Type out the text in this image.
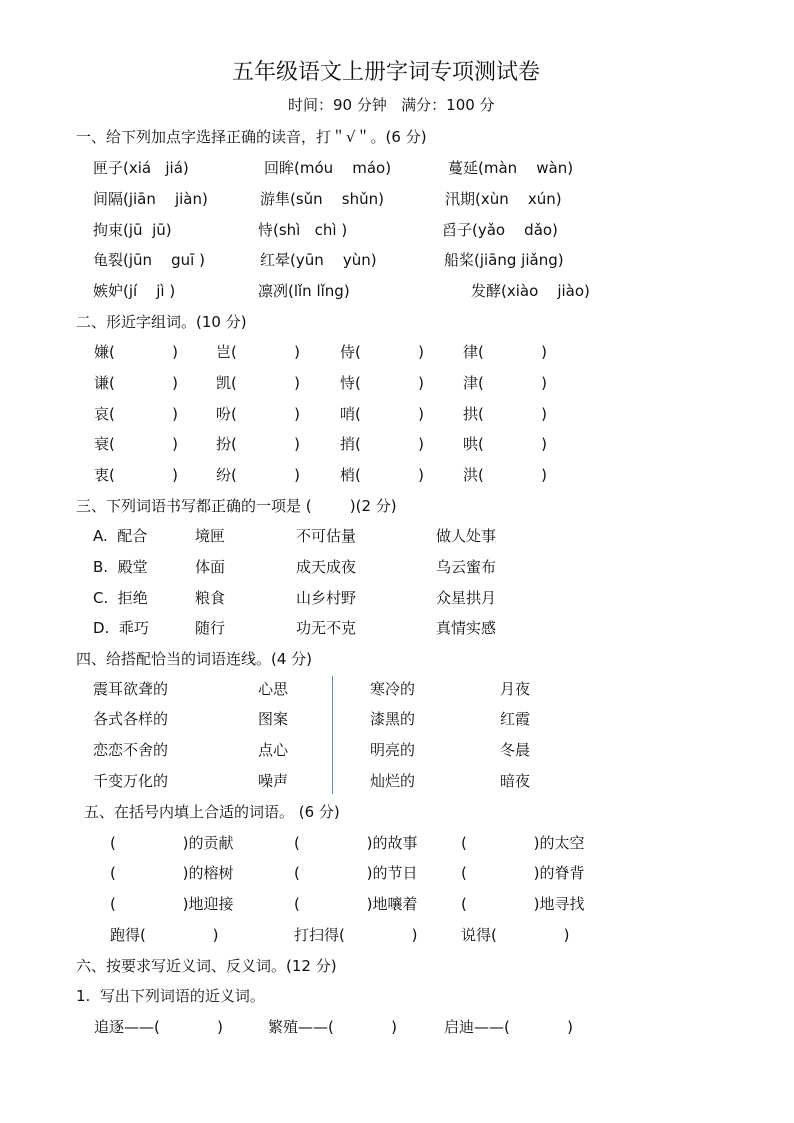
五年级语文上册字词专项测试卷
时间：90 分钟   满分：100 分
一、给下列加点字选择正确的读音，打＂√＂。(6 分)
匣子(xiá   jiá)	回眸(móu    máo)	蔓延(màn    wàn)
间隔(jiān    jiàn)	游隼(sǔn    shǔn)	汛期(xùn    xún)
拘束(jū  jū)	恃(shì   chì )	舀子(yǎo    dǎo)
龟裂(jūn    guī )	红晕(yūn    yùn)	船桨(jiāng jiǎng)
嫉妒(jí    jì )	凛冽(lǐn lǐng)	发酵(xiào    jiào)
二、形近字组词。(10 分)
嫌(            )	岂(            )	侍(            )	律(            )
谦(            )	凯(            )	恃(            )	津(            )
哀(            )	吩(            )	哨(            )	拱(            )
衰(            )	扮(            )	捎(            )	哄(            )
衷(            )	纷(            )	梢(            )	洪(            )
三、下列词语书写都正确的一项是 (        )(2 分)
A.  配合	境匣	不可估量	做人处事
B.  殿堂	体面	成天成夜	乌云蜜布
C.  拒绝	粮食	山乡村野	众星拱月
D.  乖巧	随行	功无不克	真情实感
四、给搭配恰当的词语连线。(4 分)
震耳欲聋的	心思	寒冷的	月夜
各式各样的	图案	漆黑的	红霞
恋恋不舍的	点心	明亮的	冬晨
千变万化的	噪声	灿烂的	暗夜
五、在括号内填上合适的词语。 (6 分)
(              )的贡献	(              )的故事	(              )的太空
(              )的榕树	(              )的节日	(              )的脊背
(              )地迎接	(              )地嚷着	(              )地寻找
跑得(              )	打扫得(              )	说得(              )
六、按要求写近义词、反义词。(12 分)
1.  写出下列词语的近义词。
追逐——(            )	繁殖——(            )	启迪——(            )
